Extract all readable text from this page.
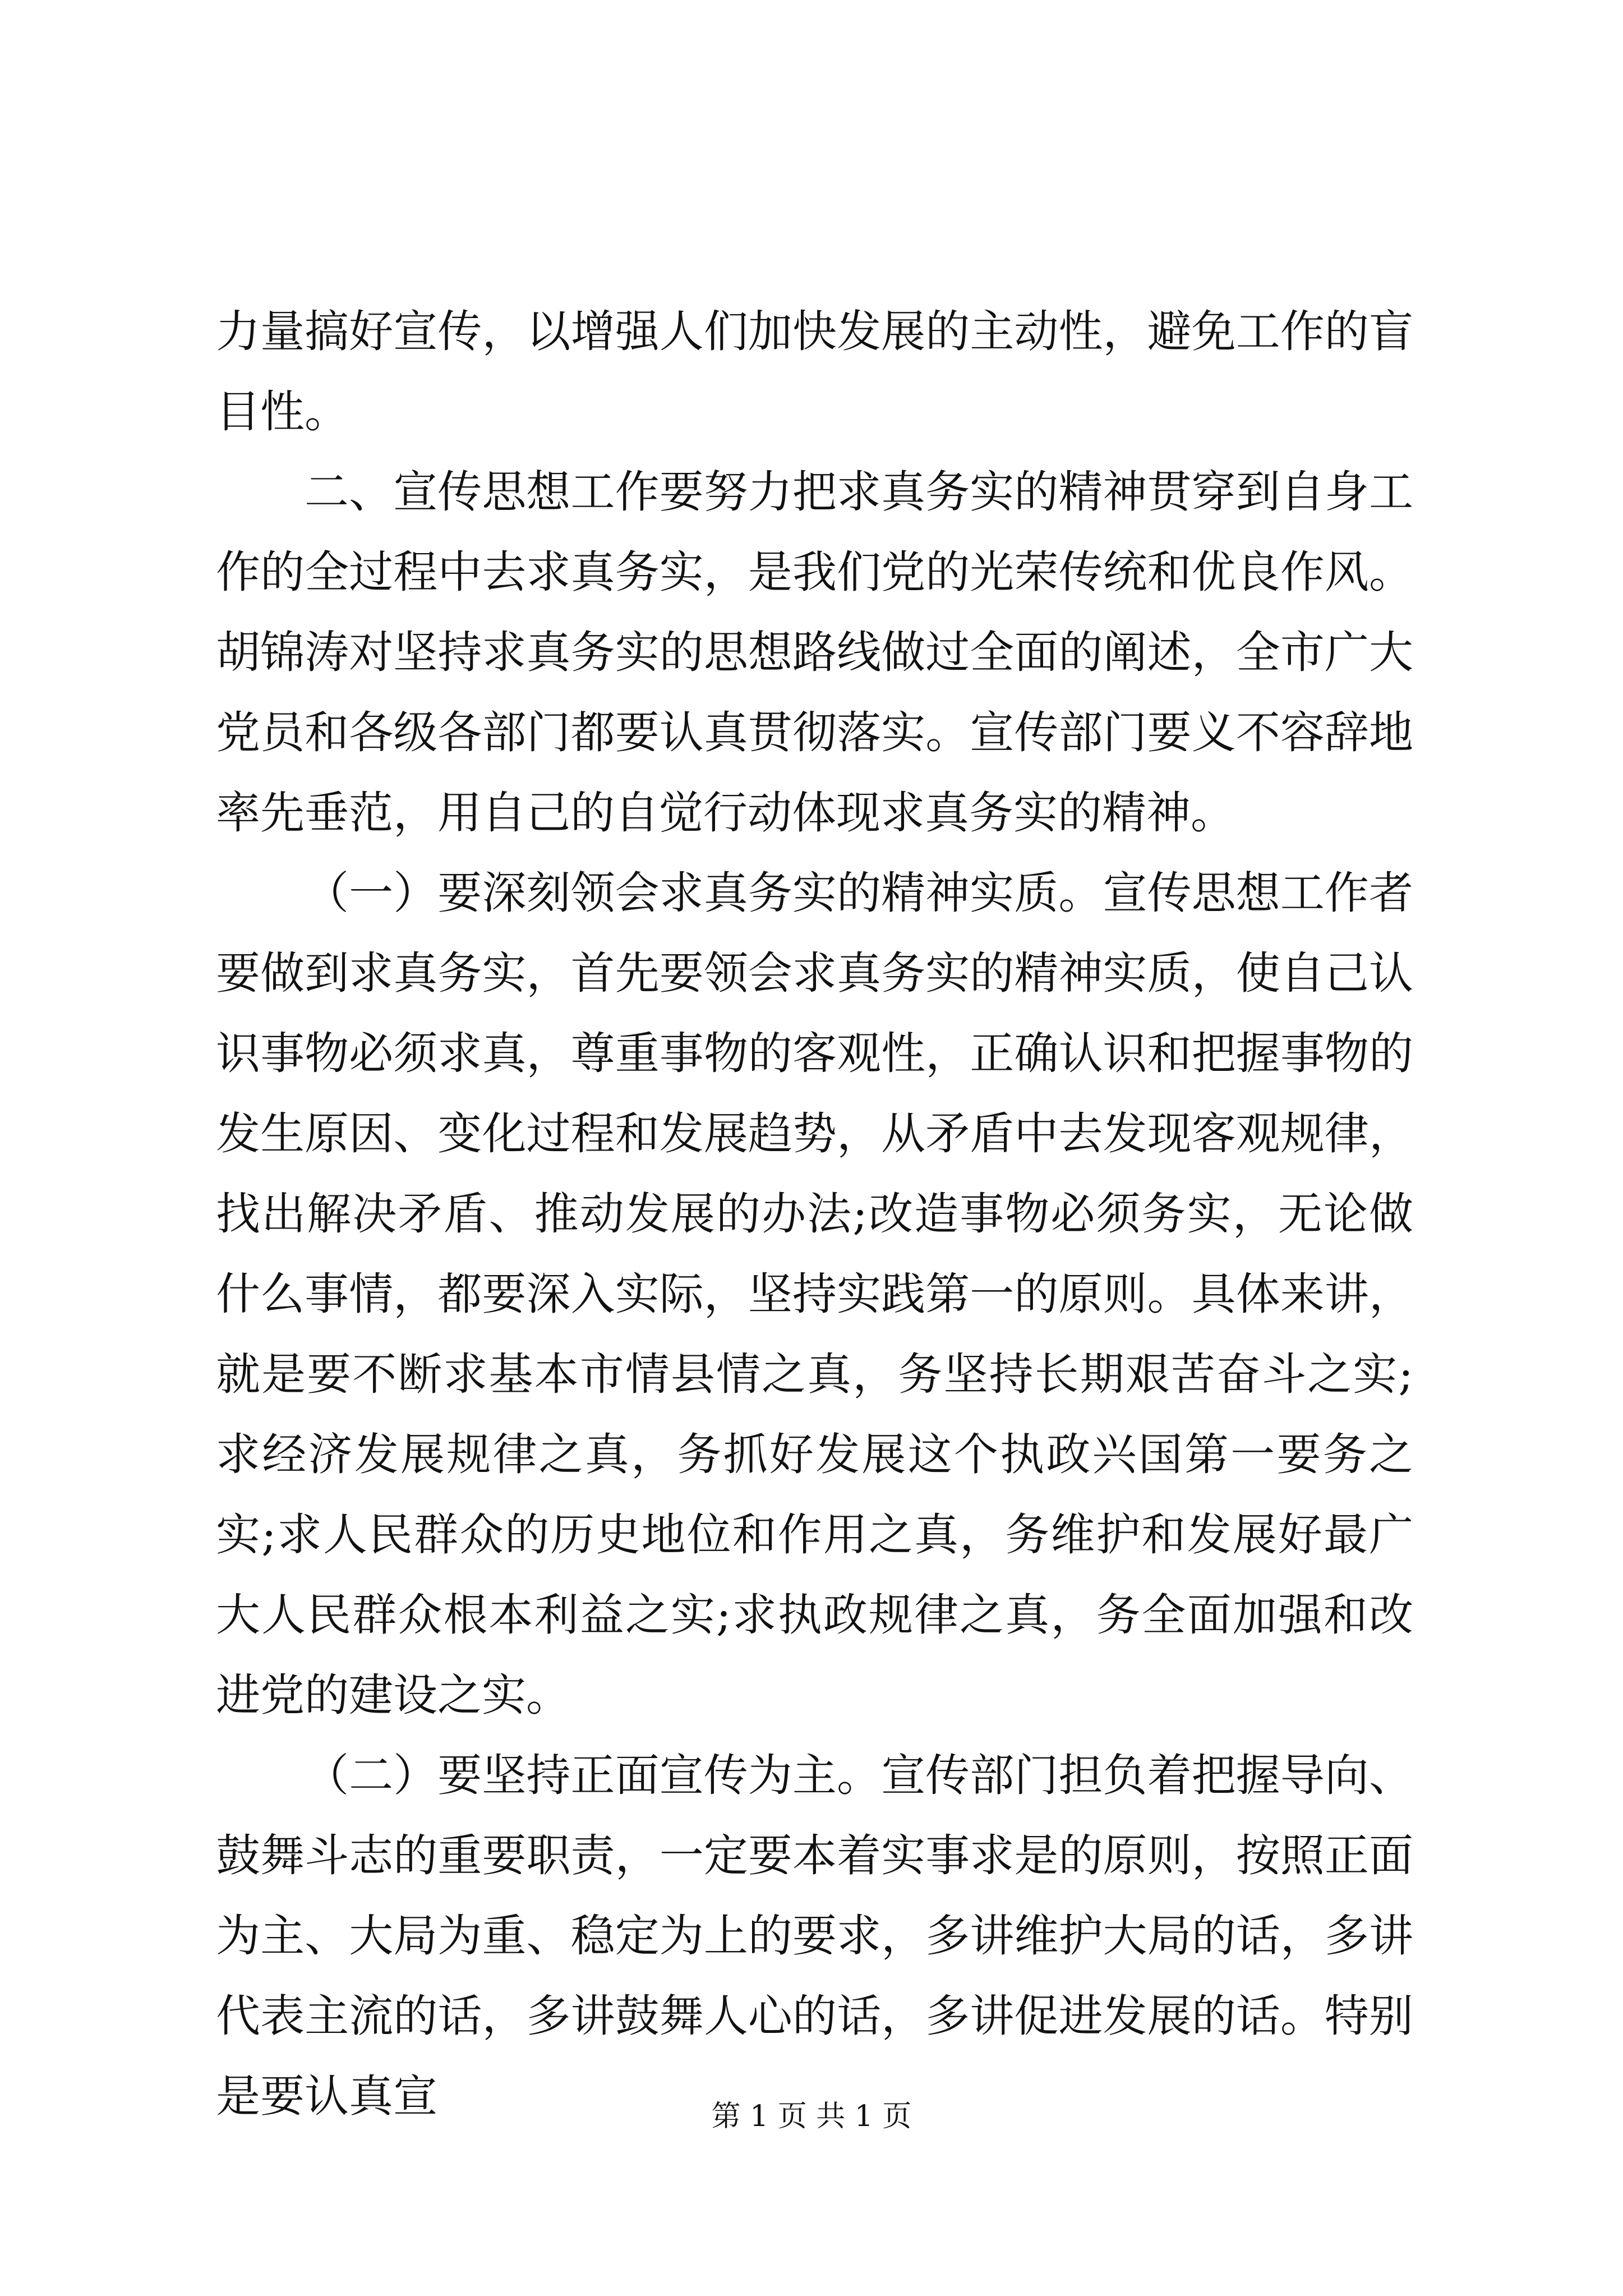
力量搞好宣传，以增强人们加快发展的主动性，避免工作的盲目性。

二、宣传思想工作要努力把求真务实的精神贯穿到自身工作的全过程中去求真务实，是我们党的光荣传统和优良作风。胡锦涛对坚持求真务实的思想路线做过全面的阐述，全市广大党员和各级各部门都要认真贯彻落实。宣传部门要义不容辞地率先垂范，用自己的自觉行动体现求真务实的精神。

（一）要深刻领会求真务实的精神实质。宣传思想工作者要做到求真务实，首先要领会求真务实的精神实质，使自己认识事物必须求真，尊重事物的客观性，正确认识和把握事物的发生原因、变化过程和发展趋势，从矛盾中去发现客观规律，找出解决矛盾、推动发展的办法;改造事物必须务实，无论做什么事情，都要深入实际，坚持实践第一的原则。具体来讲，就是要不断求基本市情县情之真，务坚持长期艰苦奋斗之实;求经济发展规律之真，务抓好发展这个执政兴国第一要务之实;求人民群众的历史地位和作用之真，务维护和发展好最广大人民群众根本利益之实;求执政规律之真，务全面加强和改进党的建设之实。

（二）要坚持正面宣传为主。宣传部门担负着把握导向、鼓舞斗志的重要职责，一定要本着实事求是的原则，按照正面为主、大局为重、稳定为上的要求，多讲维护大局的话，多讲代表主流的话，多讲鼓舞人心的话，多讲促进发展的话。特别是要认真宣	第 1 页 共 1 页
